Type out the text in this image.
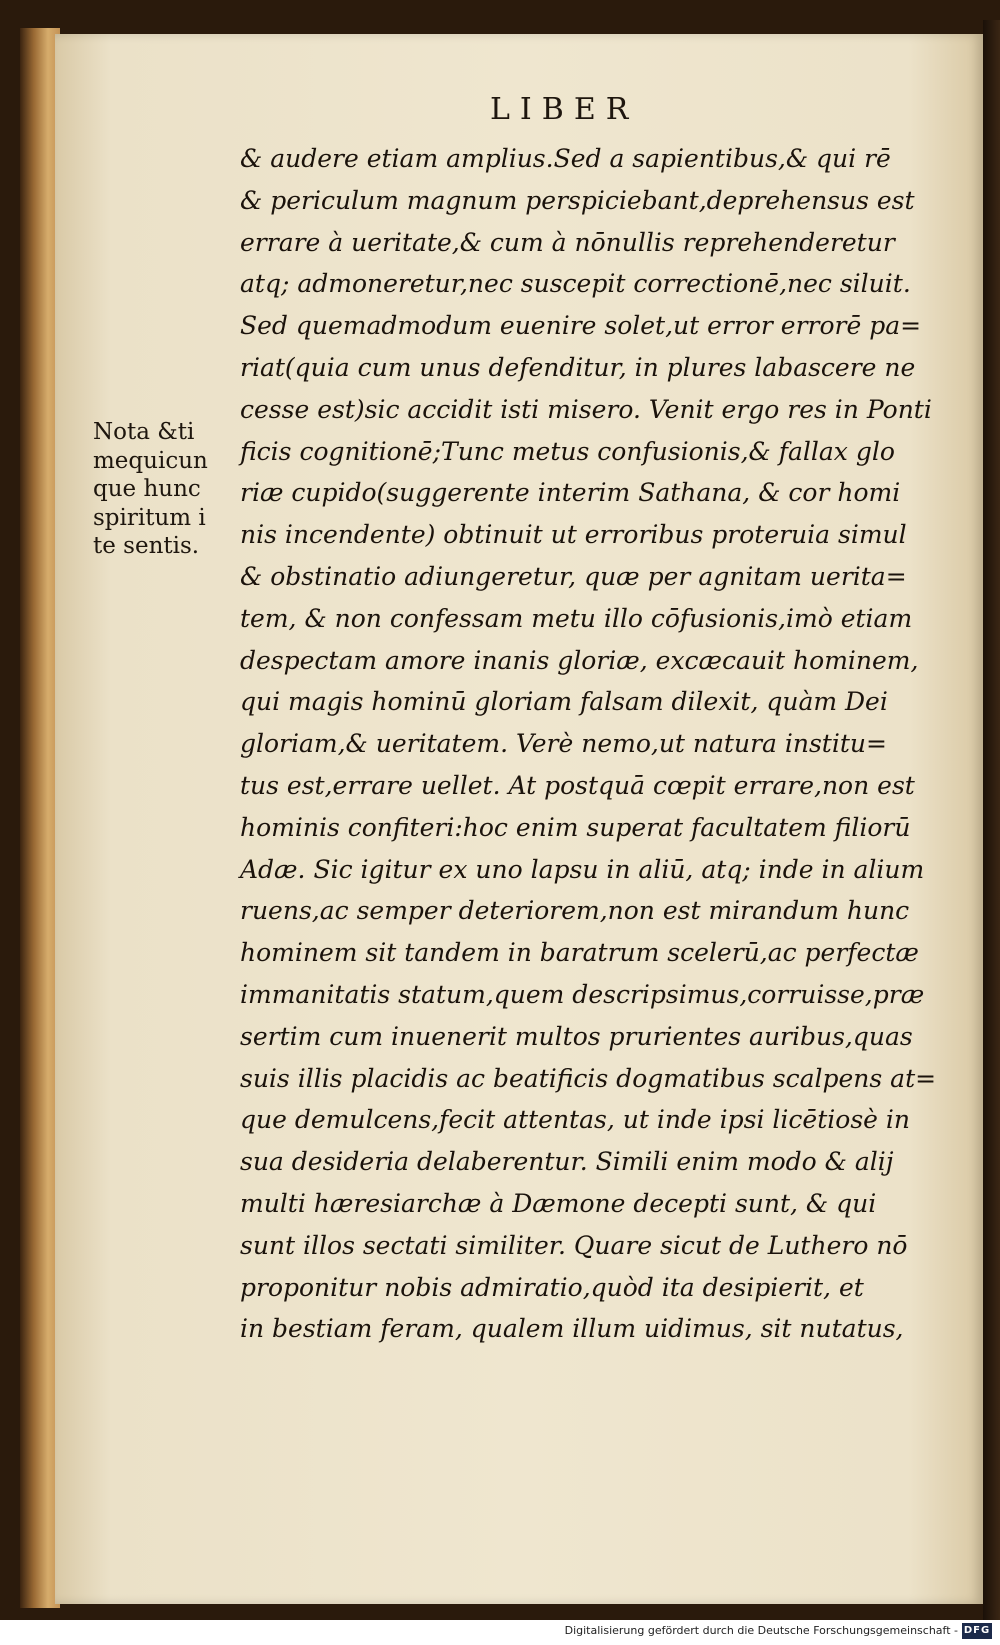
LIBER
Nota &ti
mequicun
que hunc
spiritum i
te sentis.
& audere etiam amplius.Sed a sapientibus,& qui rē
& periculum magnum perspiciebant,deprehensus est
errare à ueritate,& cum à nōnullis reprehenderetur
atq; admoneretur,nec suscepit correctionē,nec siluit.
Sed quemadmodum euenire solet,ut error errorē pa=
riat(quia cum unus defenditur, in plures labascere ne
cesse est)sic accidit isti misero. Venit ergo res in Ponti
ficis cognitionē;Tunc metus confusionis,& fallax glo
riæ cupido(suggerente interim Sathana, & cor homi
nis incendente) obtinuit ut erroribus proteruia simul
& obstinatio adiungeretur, quæ per agnitam uerita=
tem, & non confessam metu illo cōfusionis,imò etiam
despectam amore inanis gloriæ, excæcauit hominem,
qui magis hominū gloriam falsam dilexit, quàm Dei
gloriam,& ueritatem. Verè nemo,ut natura institu=
tus est,errare uellet. At postquā cœpit errare,non est
hominis confiteri:hoc enim superat facultatem filiorū
Adæ. Sic igitur ex uno lapsu in aliū, atq; inde in alium
ruens,ac semper deteriorem,non est mirandum hunc
hominem sit tandem in baratrum scelerū,ac perfectæ
immanitatis statum,quem descripsimus,corruisse,præ
sertim cum inuenerit multos prurientes auribus,quas
suis illis placidis ac beatificis dogmatibus scalpens at=
que demulcens,fecit attentas, ut inde ipsi licētiosè in
sua desideria delaberentur. Simili enim modo & alij
multi hæresiarchæ à Dæmone decepti sunt, & qui
sunt illos sectati similiter. Quare sicut de Luthero nō
proponitur nobis admiratio,quòd ita desipierit, et
in bestiam feram, qualem illum uidimus, sit nutatus,
Digitalisierung gefördert durch die Deutsche Forschungsgemeinschaft - DFG
